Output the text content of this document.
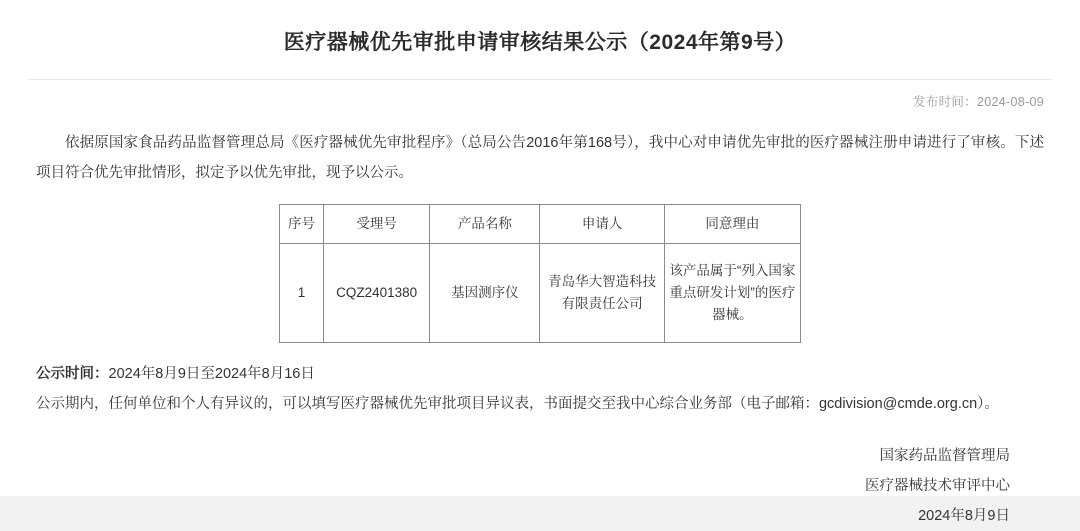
医疗器械优先审批申请审核结果公示（2024年第9号）
发布时间：2024-08-09
依据原国家食品药品监督管理总局《医疗器械优先审批程序》（总局公告2016年第168号），我中心对申请优先审批的医疗器械注册申请进行了审核。下述项目符合优先审批情形，拟定予以优先审批，现予以公示。
序号	受理号	产品名称	申请人	同意理由
1	CQZ2401380	基因测序仪	青岛华大智造科技有限责任公司	该产品属于“列入国家重点研发计划”的医疗器械。
公示时间：2024年8月9日至2024年8月16日
公示期内，任何单位和个人有异议的，可以填写医疗器械优先审批项目异议表，书面提交至我中心综合业务部（电子邮箱：gcdivision@cmde.org.cn）。
国家药品监督管理局
医疗器械技术审评中心
2024年8月9日
